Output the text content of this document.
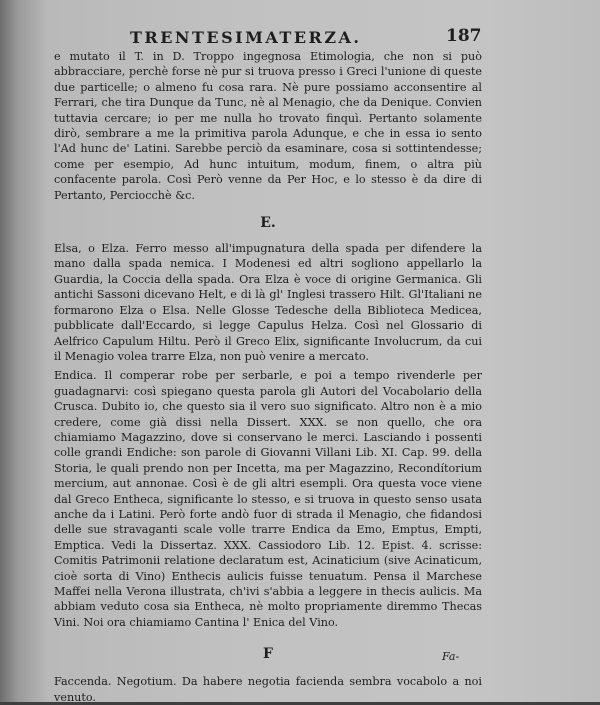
TRENTESIMATERZA.	187

e mutato il T. in D. Troppo ingegnosa Etimologia, che non si può abbracciare, perchè forse nè pur si truova presso i Greci l'unione di queste due particelle; o almeno fu cosa rara. Nè pure possiamo acconsentire al Ferrari, che tira Dunque da Tunc, nè al Menagio, che da Denique. Convien tuttavia cercare; io per me nulla ho trovato finquì. Pertanto solamente dirò, sembrare a me la primitiva parola Adunque, e che in essa io sento l'Ad hunc de' Latini. Sarebbe perciò da esaminare, cosa si sottintendesse; come per esempio, Ad hunc intuitum, modum, finem, o altra più confacente parola. Così Però venne da Per Hoc, e lo stesso è da dire di Pertanto, Perciocchè &c.

E.

Elsa, o Elza. Ferro messo all'impugnatura della spada per difendere la mano dalla spada nemica. I Modenesi ed altri sogliono appellarlo la Guardia, la Coccia della spada. Ora Elza è voce di origine Germanica. Gli antichi Sassoni dicevano Helt, e di là gl' Inglesi trassero Hilt. Gl'Italiani ne formarono Elza o Elsa. Nelle Glosse Tedesche della Biblioteca Medicea, pubblicate dall'Eccardo, si legge Capulus Helza. Così nel Glossario di Aelfrico Capulum Hiltu. Però il Greco Elix, significante Involucrum, da cui il Menagio volea trarre Elza, non può venire a mercato.

Endica. Il comperar robe per serbarle, e poi a tempo rivenderle per guadagnarvi: così spiegano questa parola gli Autori del Vocabolario della Crusca. Dubito io, che questo sia il vero suo significato. Altro non è a mio credere, come già dissi nella Dissert. XXX. se non quello, che ora chiamiamo Magazzino, dove si conservano le merci. Lasciando i possenti colle grandi Endiche: son parole di Giovanni Villani Lib. XI. Cap. 99. della Storia, le quali prendo non per Incetta, ma per Magazzino, Recondítorium mercium, aut annonae. Così è de gli altri esempli. Ora questa voce viene dal Greco Entheca, significante lo stesso, e si truova in questo senso usata anche da i Latini. Però forte andò fuor di strada il Menagio, che fidandosi delle sue stravaganti scale volle trarre Endica da Emo, Emptus, Empti, Emptica. Vedi la Dissertaz. XXX. Cassiodoro Lib. 12. Epist. 4. scrisse: Comitis Patrimonii relatione declaratum est, Acinaticium (sive Acinaticum, cioè sorta di Vino) Enthecis aulicis fuisse tenuatum. Pensa il Marchese Maffei nella Verona illustrata, ch'ivi s'abbia a leggere in thecis aulicis. Ma abbiam veduto cosa sia Entheca, nè molto propriamente diremmo Thecas Vini. Noi ora chiamiamo Cantina l' Enica del Vino.

F

Faccenda. Negotium. Da habere negotia facienda sembra vocabolo a noi venuto.

Fa-
